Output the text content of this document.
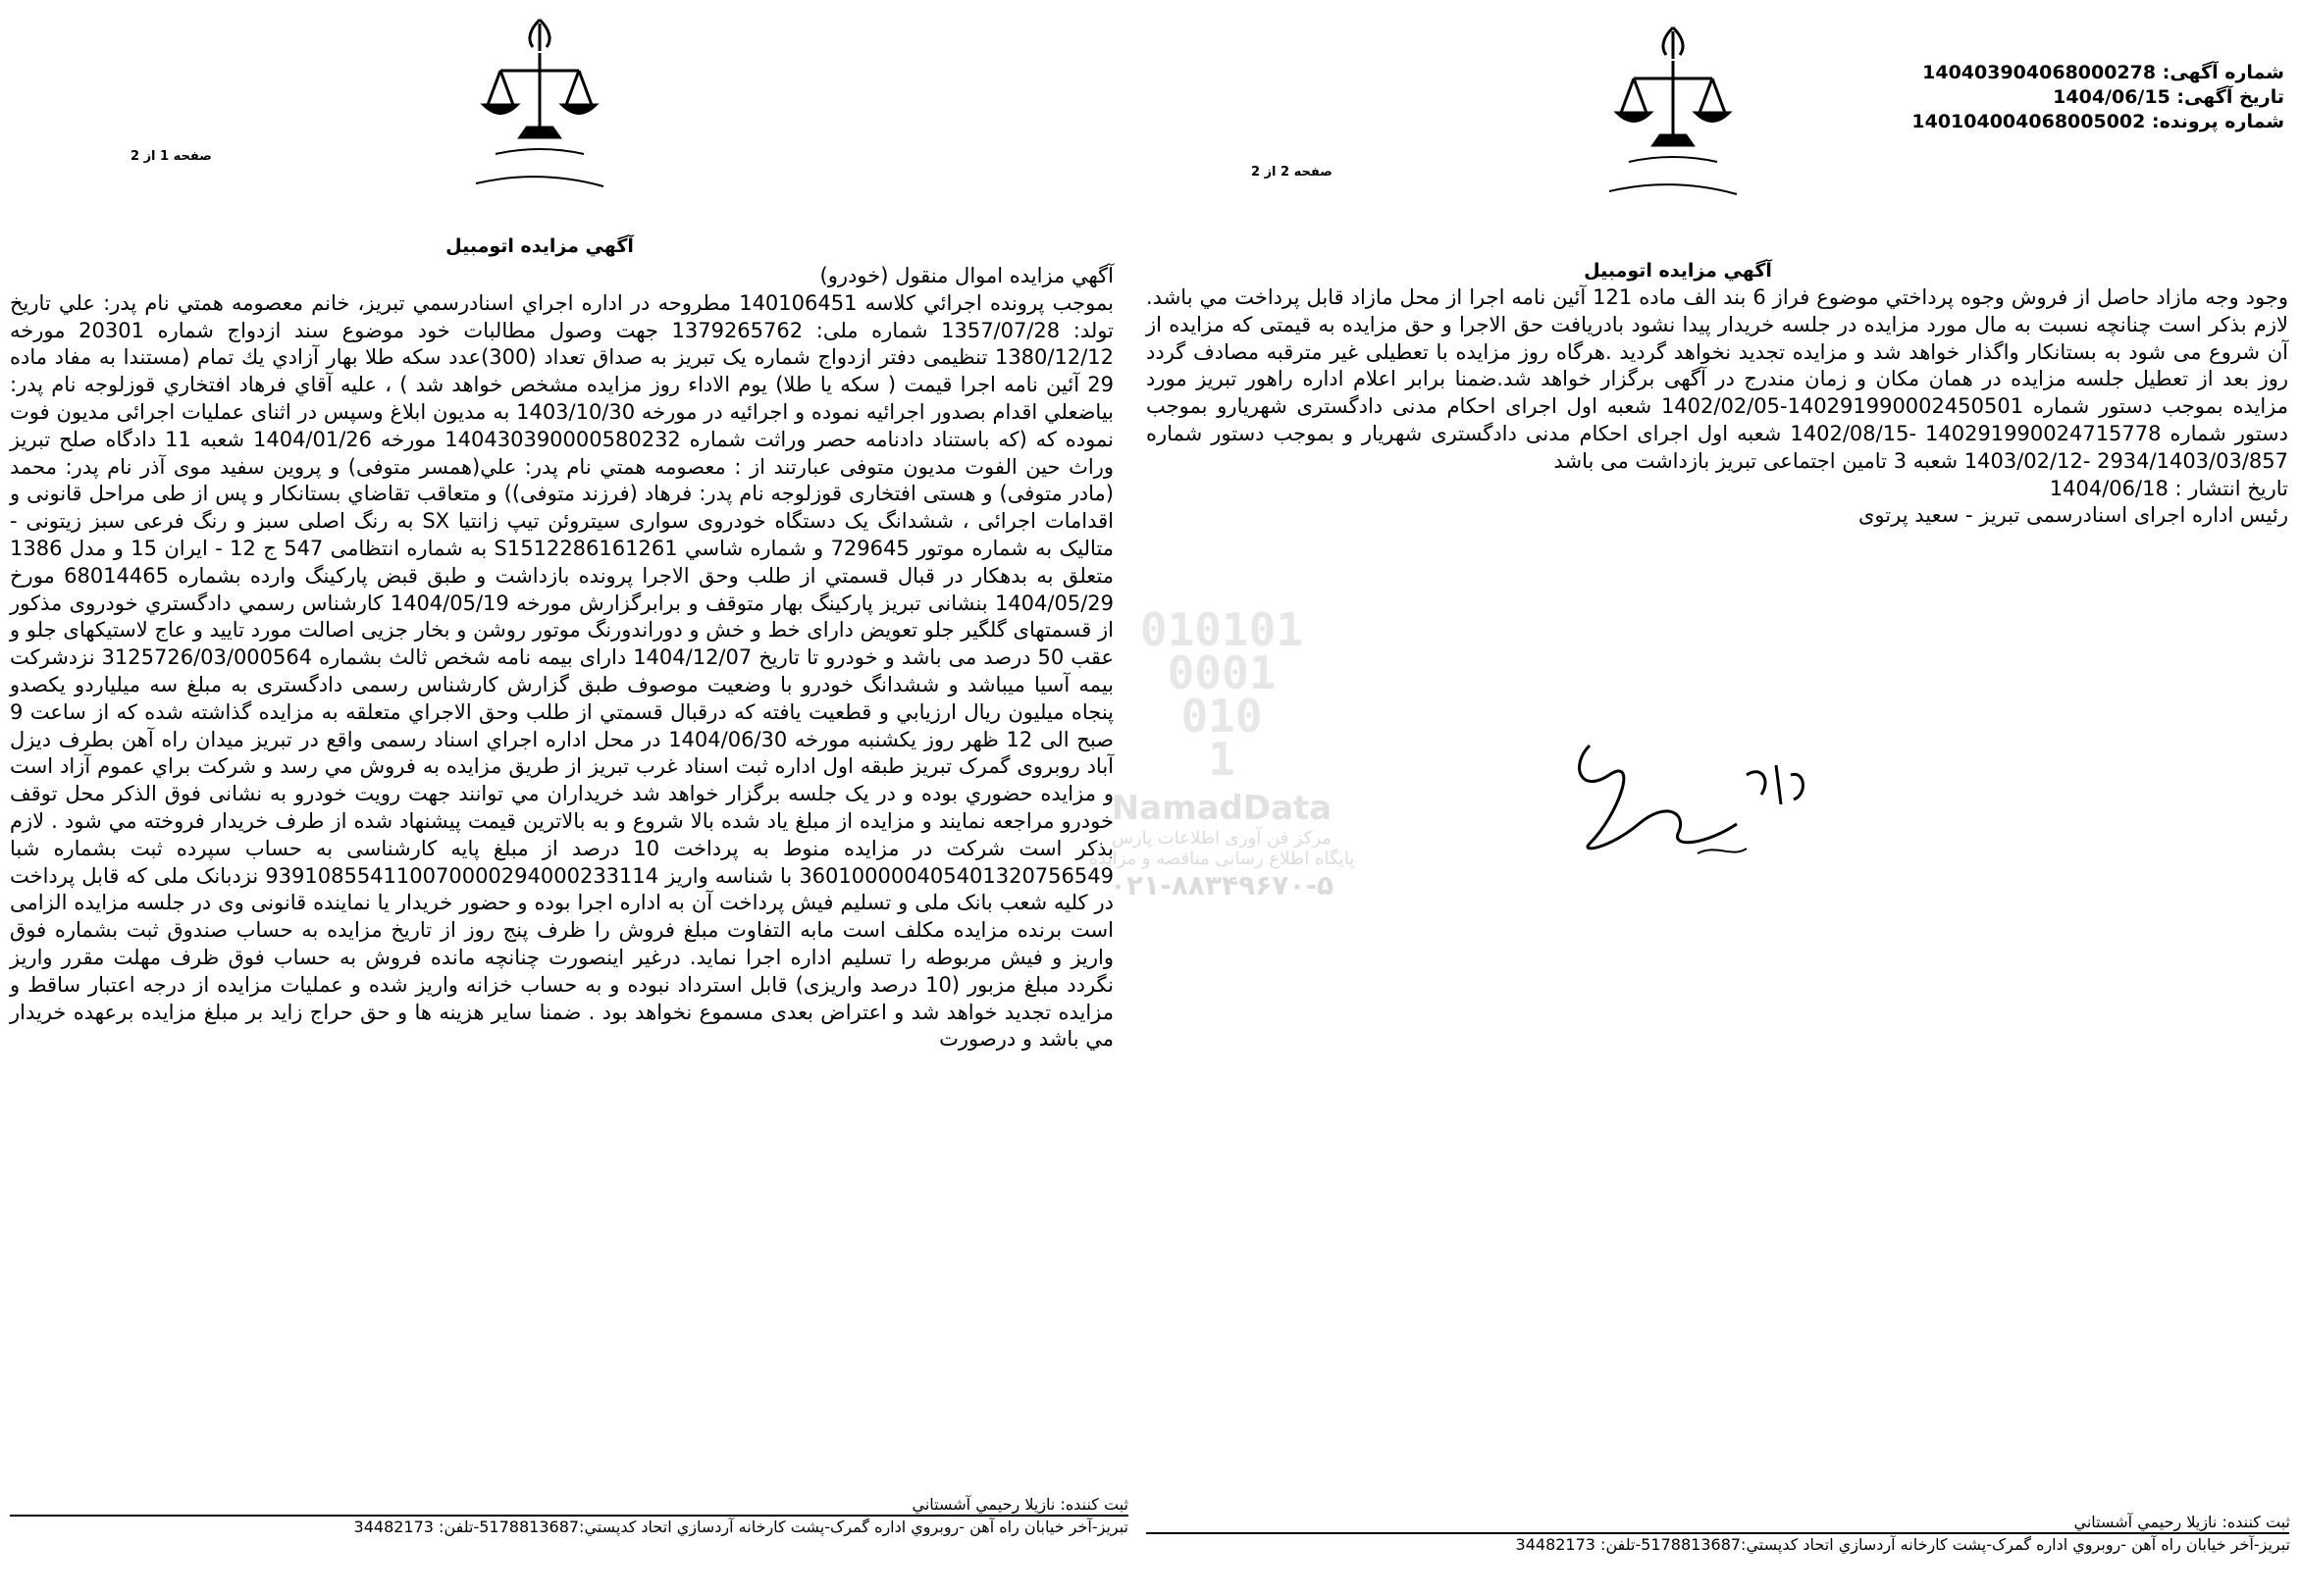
صفحه 1 از 2
آگهي مزايده اتومبيل

آگهي مزايده اموال منقول (خودرو)

بموجب پرونده اجرائي كلاسه 140106451 مطروحه در اداره اجراي اسنادرسمي تبريز، خانم معصومه همتي نام پدر: علي تاريخ تولد: 1357/07/28 شماره ملی: 1379265762 جهت وصول مطالبات خود موضوع سند ازدواج شماره 20301 مورخه 1380/12/12 تنظيمی دفتر ازدواج شماره یک تبريز به صداق تعداد (300)عدد سكه طلا بهار آزادي يك تمام (مستندا به مفاد ماده 29 آئين نامه اجرا قيمت ( سكه يا طلا) يوم الاداء روز مزايده مشخص خواهد شد ) ، عليه آقاي فرهاد افتخاري قوزلوجه نام پدر: بياضعلي اقدام بصدور اجرائيه نموده و اجرائيه در مورخه 1403/10/30 به مديون ابلاغ وسپس در اثنای عملیات اجرائی مدیون فوت نموده که (که باستناد دادنامه حصر وراثت شماره 140430390000580232 مورخه 1404/01/26 شعبه 11 دادگاه صلح تبريز وراث حين الفوت مديون متوفی عبارتند از : معصومه همتي نام پدر: علي(همسر متوفی) و پروين سفيد موی آذر نام پدر: محمد (مادر متوفی) و هستی افتخاری قوزلوجه نام پدر: فرهاد (فرزند متوفی)) و متعاقب تقاضاي بستانكار و پس از طی مراحل قانونی و اقدامات اجرائی ، ششدانگ يک دستگاه خودروی سواری سیتروئن تیپ زانتیا SX به رنگ اصلی سبز و رنگ فرعی سبز زیتونی - متالیک به شماره موتور 729645 و شماره شاسي S1512286161261 به شماره انتظامی 547 ج 12 - ایران 15 و مدل 1386 متعلق به بدهكار در قبال قسمتي از طلب وحق الاجرا پرونده بازداشت و طبق قبض پارکینگ وارده بشماره 68014465 مورخ 1404/05/29 بنشانی تبریز پارکینگ بهار متوقف و برابرگزارش مورخه 1404/05/19 كارشناس رسمي دادگستري خودروی مذكور از قسمتهای گلگیر جلو تعویض دارای خط و خش و دوراندورنگ موتور روشن و بخار جزیی اصالت مورد تایید و عاج لاستیکهای جلو و عقب 50 درصد می باشد و خودرو تا تاریخ 1404/12/07 دارای بیمه نامه شخص ثالث بشماره 3125726/03/000564 نزدشرکت بیمه آسیا میباشد و ششدانگ خودرو با وضعیت موصوف طبق گزارش کارشناس رسمی دادگستری به مبلغ سه میلیاردو یکصدو پنجاه میلیون ريال ارزيابي و قطعيت يافته كه درقبال قسمتي از طلب وحق الاجراي متعلقه به مزايده گذاشته شده كه از ساعت 9 صبح الی 12 ظهر روز يكشنبه مورخه 1404/06/30 در محل اداره اجراي اسناد رسمی واقع در تبريز میدان راه آهن بطرف دیزل آباد روبروی گمرک تبریز طبقه اول اداره ثبت اسناد غرب تبريز از طريق مزايده به فروش مي رسد و شركت براي عموم آزاد است و مزايده حضوري بوده و در يک جلسه برگزار خواهد شد خريداران مي توانند جهت رويت خودرو به نشانی فوق الذكر محل توقف خودرو مراجعه نمايند و مزايده از مبلغ ياد شده بالا شروع و به بالاترين قيمت پيشنهاد شده از طرف خريدار فروخته مي شود . لازم بذكر است شركت در مزايده منوط به پرداخت 10 درصد از مبلغ پايه كارشناسی به حساب سپرده ثبت بشماره شبا 360100000405401320756549 با شناسه واريز 939108554110070000294000233114 نزدبانک ملی كه قابل پرداخت در كليه شعب بانک ملی و تسليم فيش پرداخت آن به اداره اجرا بوده و حضور خريدار يا نماينده قانونی وی در جلسه مزايده الزامی است برنده مزايده مكلف است مابه التفاوت مبلغ فروش را ظرف پنج روز از تاريخ مزايده به حساب صندوق ثبت بشماره فوق واريز و فيش مربوطه را تسليم اداره اجرا نمايد. درغیر اینصورت چنانچه مانده فروش به حساب فوق ظرف مهلت مقرر واريز نگردد مبلغ مزبور (10 درصد واريزی) قابل استرداد نبوده و به حساب خزانه واريز شده و عمليات مزايده از درجه اعتبار ساقط و مزايده تجديد خواهد شد و اعتراض بعدی مسموع نخواهد بود . ضمنا ساير هزينه ها و حق حراج زايد بر مبلغ مزايده برعهده خريدار مي باشد و درصورت

ثبت كننده: نازيلا رحيمي آشستاني
تبريز-آخر خيابان راه آهن -روبروي اداره گمرک-پشت كارخانه آردسازي اتحاد كدپستي:5178813687-تلفن: 34482173
شماره آگهی: 140403904068000278
تاریخ آگهی: 1404/06/15
شماره پرونده: 140104004068005002
صفحه 2 از 2
آگهي مزايده اتومبيل

وجود وجه مازاد حاصل از فروش وجوه پرداختي موضوع فراز 6 بند الف ماده 121 آئین نامه اجرا از محل مازاد قابل پرداخت مي باشد. لازم بذکر است چنانچه نسبت به مال مورد مزايده در جلسه خريدار پيدا نشود بادريافت حق الاجرا و حق مزايده به قيمتی كه مزايده از آن شروع می شود به بستانكار واگذار خواهد شد و مزايده تجديد نخواهد گرديد .هرگاه روز مزايده با تعطيلی غير مترقبه مصادف گردد روز بعد از تعطيل جلسه مزايده در همان مكان و زمان مندرج در آگهی برگزار خواهد شد.ضمنا برابر اعلام اداره راهور تبریز مورد مزایده بموجب دستور شماره 140291990002450501-1402/02/05 شعبه اول اجرای احکام مدنی دادگستری شهریارو بموجب دستور شماره 140291990024715778 -1402/08/15 شعبه اول اجرای احکام مدنی دادگستری شهریار و بموجب دستور شماره 2934/1403/03/857 -1403/02/12 شعبه 3 تامین اجتماعی تبریز بازداشت می باشد

تاریخ انتشار : 1404/06/18

رئيس اداره اجرای اسنادرسمی تبريز - سعيد پرتوی

ثبت كننده: نازيلا رحيمي آشستاني
تبريز-آخر خيابان راه آهن -روبروي اداره گمرک-پشت كارخانه آردسازي اتحاد كدپستي:5178813687-تلفن: 34482173
010101
0001
010
1
NamadData
مرکز فن آوری اطلاعات پارس
پایگاه اطلاع رسانی مناقصه و مزایده
۰۲۱-۸۸۳۴۹۶۷۰-۵
